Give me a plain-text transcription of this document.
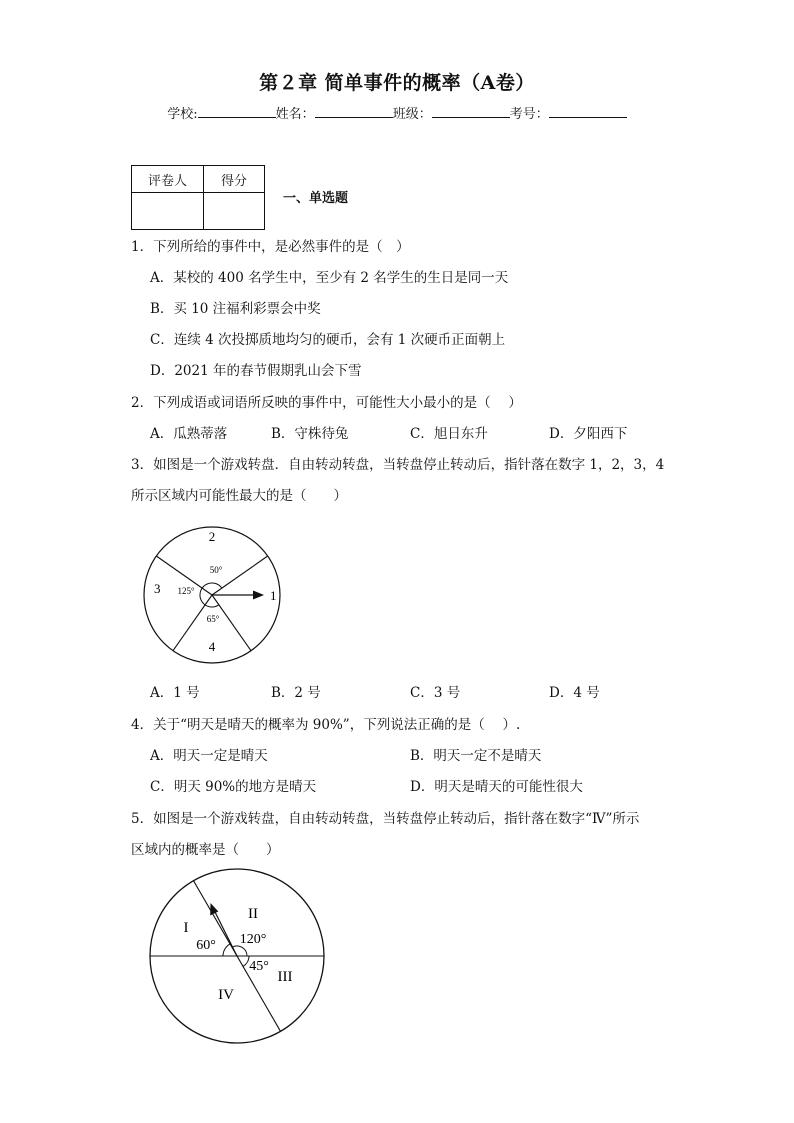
第２章 简单事件的概率（A卷）
学校:	姓名：	班级：	考号：
评卷人	得分

一、单选题
1．下列所给的事件中，是必然事件的是（　）
A．某校的 400 名学生中，至少有 2 名学生的生日是同一天
B．买 10 注福利彩票会中奖
C．连续 4 次投掷质地均匀的硬币，会有 1 次硬币正面朝上
D．2021 年的春节假期乳山会下雪
2．下列成语或词语所反映的事件中，可能性大小最小的是（　 ）
A．瓜熟蒂落	B．守株待兔	C．旭日东升	D．夕阳西下
3．如图是一个游戏转盘．自由转动转盘，当转盘停止转动后，指针落在数字 1，2，3，4
所示区域内可能性最大的是（　　）
1
2
3
4
50°
125°
65°
A．1 号	B．2 号	C．3 号	D．4 号
4．关于“明天是晴天的概率为 90%”，下列说法正确的是（　 ）.
A．明天一定是晴天	B．明天一定不是晴天
C．明天 90%的地方是晴天	D．明天是晴天的可能性很大
5．如图是一个游戏转盘，自由转动转盘，当转盘停止转动后，指针落在数字“Ⅳ”所示
区域内的概率是（　　）
I
II
III
IV
60° 120°
45°
